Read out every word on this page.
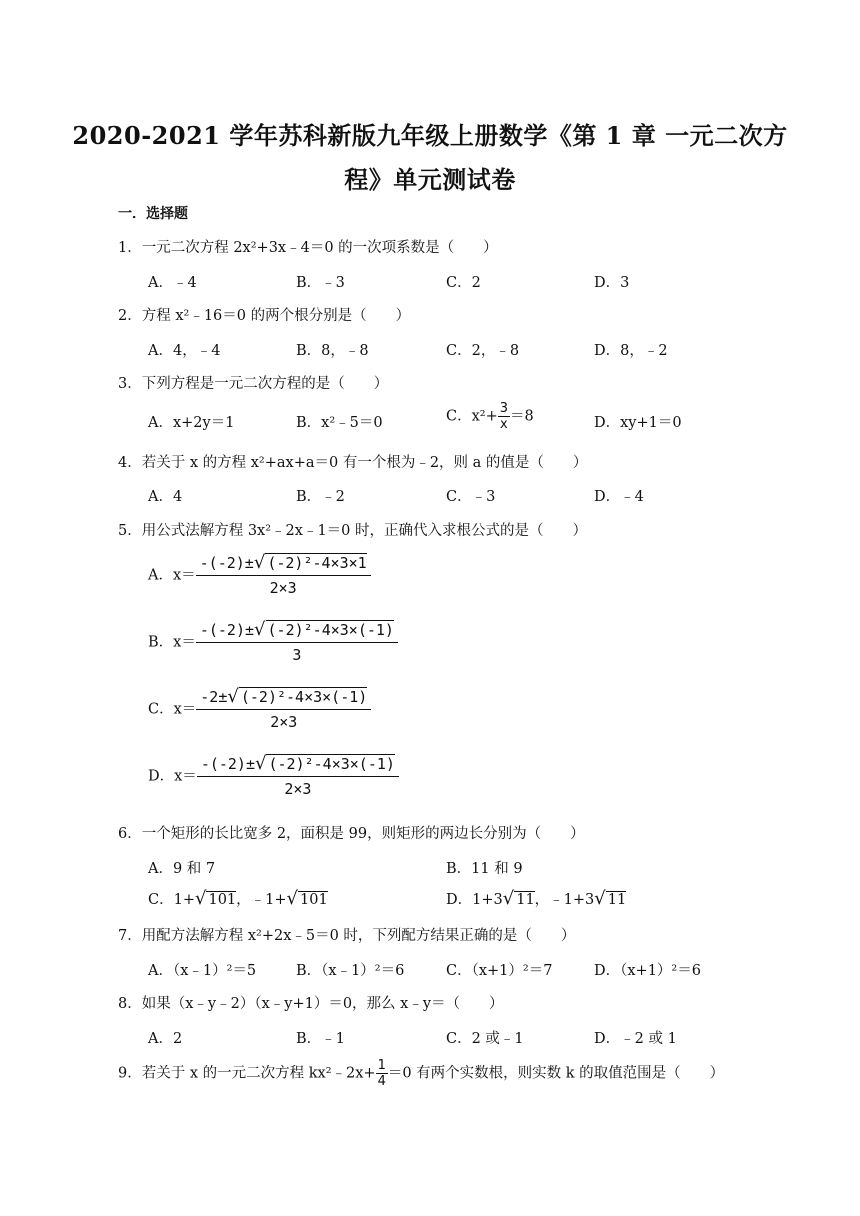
2020-2021 学年苏科新版九年级上册数学《第 1 章 一元二次方
程》单元测试卷
一．选择题
1．一元二次方程 2x²+3x﹣4＝0 的一次项系数是（　　）
A．﹣4	B．﹣3	C．2	D．3
2．方程 x²﹣16＝0 的两个根分别是（　　）
A．4，﹣4	B．8，﹣8	C．2，﹣8	D．8，﹣2
3．下列方程是一元二次方程的是（　　）
A．x+2y＝1	B．x²﹣5＝0	C．$x^2+ \frac{3}{x} =8$	D．xy+1＝0
4．若关于 x 的方程 x²+ax+a＝0 有一个根为﹣2，则 a 的值是（　　）
A．4	B．﹣2	C．﹣3	D．﹣4
5．用公式法解方程 3x²﹣2x﹣1＝0 时，正确代入求根公式的是（　　）
A．$x= \frac{\text{-(-2)±√ (-2)²-4×3×1}}{2\times 3}$
B．$x= \frac{\text{-(-2)±√ (-2)²-4×3×(-1)}}{3}$
C．$x= \frac{\text{-2±√ (-2)²-4×3×(-1)}}{2\times 3}$
D．$x= \frac{\text{-(-2)±√ (-2)²-4×3×(-1)}}{2\times 3}$
6．一个矩形的长比宽多 2，面积是 99，则矩形的两边长分别为（　　）
A．9 和 7	B．11 和 9
C．1+√ 101，﹣1+√ 101	D．1+3√ 11，﹣1+3√ 11
7．用配方法解方程 x²+2x﹣5＝0 时，下列配方结果正确的是（　　）
A．（x﹣1）²＝5	B．（x﹣1）²＝6	C．（x+1）²＝7	D．（x+1）²＝6
8．如果（x﹣y﹣2）（x﹣y+1）＝0，那么 x﹣y＝（　　）
A．2	B．﹣1	C．2 或﹣1	D．﹣2 或 1
9．若关于 x 的一元二次方程 kx²﹣2x+ $\frac{1}{4} =0$ 有两个实数根，则实数 k 的取值范围是（　　）
